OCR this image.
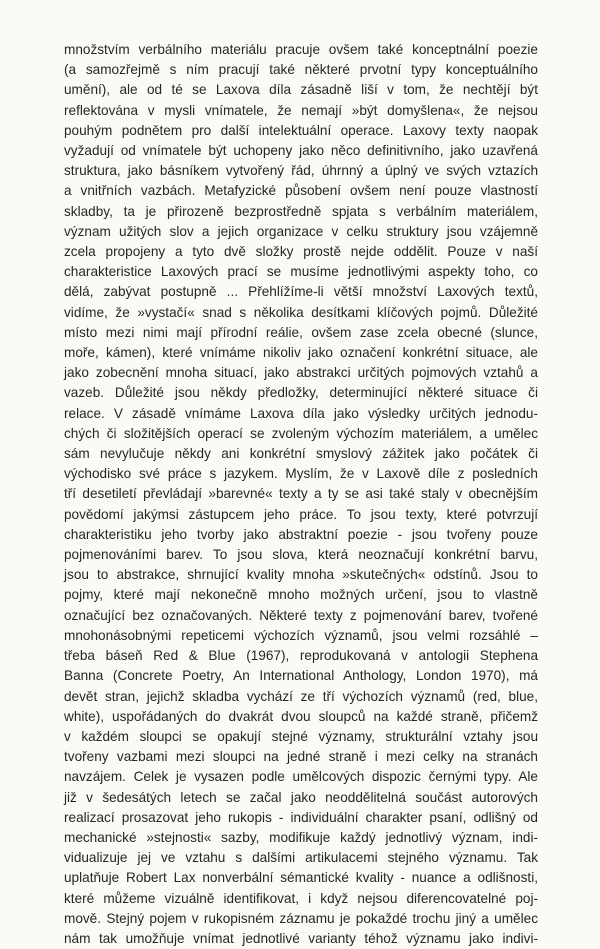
množstvím verbálního materiálu pracuje ovšem také konceptnální poezie
(a samozřejmě s ním pracují také některé prvotní typy konceptuálního
umění), ale od té se Laxova díla zásadně liší v tom, že nechtějí být
reflektována v mysli vnímatele, že nemají »být domyšlena«, že nejsou
pouhým podnětem pro další intelektuální operace. Laxovy texty naopak
vyžadují od vnímatele být uchopeny jako něco definitivního, jako uzavřená
struktura, jako básníkem vytvořený řád, úhrnný a úplný ve svých vztazích
a vnitřních vazbách. Metafyzické působení ovšem není pouze vlastností
skladby, ta je přirozeně bezprostředně spjata s verbálním materiálem,
význam užitých slov a jejich organizace v celku struktury jsou vzájemně
zcela propojeny a tyto dvě složky prostě nejde oddělit. Pouze v naší
charakteristice Laxových prací se musíme jednotlivými aspekty toho, co
dělá, zabývat postupně ... Přehlížíme-li větší množství Laxových textů,
vidíme, že »vystačí« snad s několika desítkami klíčových pojmů. Důležité
místo mezi nimi mají přírodní reálie, ovšem zase zcela obecné (slunce,
moře, kámen), které vnímáme nikoliv jako označení konkrétní situace, ale
jako zobecnění mnoha situací, jako abstrakci určitých pojmových vztahů a
vazeb. Důležité jsou někdy předložky, determinující některé situace či
relace. V zásadě vnímáme Laxova díla jako výsledky určitých jednodu-
chých či složitějších operací se zvoleným výchozím materiálem, a umělec
sám nevylučuje někdy ani konkrétní smyslový zážitek jako počátek či
východisko své práce s jazykem. Myslím, že v Laxově díle z posledních
tří desetiletí převládají »barevné« texty a ty se asi také staly v obecnějším
povědomí jakýmsi zástupcem jeho práce. To jsou texty, které potvrzují
charakteristiku jeho tvorby jako abstraktní poezie - jsou tvořeny pouze
pojmenováními barev. To jsou slova, která neoznačují konkrétní barvu,
jsou to abstrakce, shrnující kvality mnoha »skutečných« odstínů. Jsou to
pojmy, které mají nekonečně mnoho možných určení, jsou to vlastně
označující bez označovaných. Některé texty z pojmenování barev, tvořené
mnohonásobnými repeticemi výchozích významů, jsou velmi rozsáhlé –
třeba báseň Red & Blue (1967), reprodukovaná v antologii Stephena
Banna (Concrete Poetry, An International Anthology, London 1970), má
devět stran, jejichž skladba vychází ze tří výchozích významů (red, blue,
white), uspořádaných do dvakrát dvou sloupců na každé straně, přičemž
v každém sloupci se opakují stejné významy, strukturální vztahy jsou
tvořeny vazbami mezi sloupci na jedné straně i mezi celky na stranách
navzájem. Celek je vysazen podle umělcových dispozic černými typy. Ale
již v šedesátých letech se začal jako neoddělitelná součást autorových
realizací prosazovat jeho rukopis - individuální charakter psaní, odlišný od
mechanické »stejnosti« sazby, modifikuje každý jednotlivý význam, indi-
vidualizuje jej ve vztahu s dalšími artikulacemi stejného významu. Tak
uplatňuje Robert Lax nonverbální sémantické kvality - nuance a odlišnosti,
které můžeme vizuálně identifikovat, i když nejsou diferencovatelné poj-
mově. Stejný pojem v rukopisném záznamu je pokaždé trochu jiný a umělec
nám tak umožňuje vnímat jednotlivé varianty téhož významu jako indivi-
